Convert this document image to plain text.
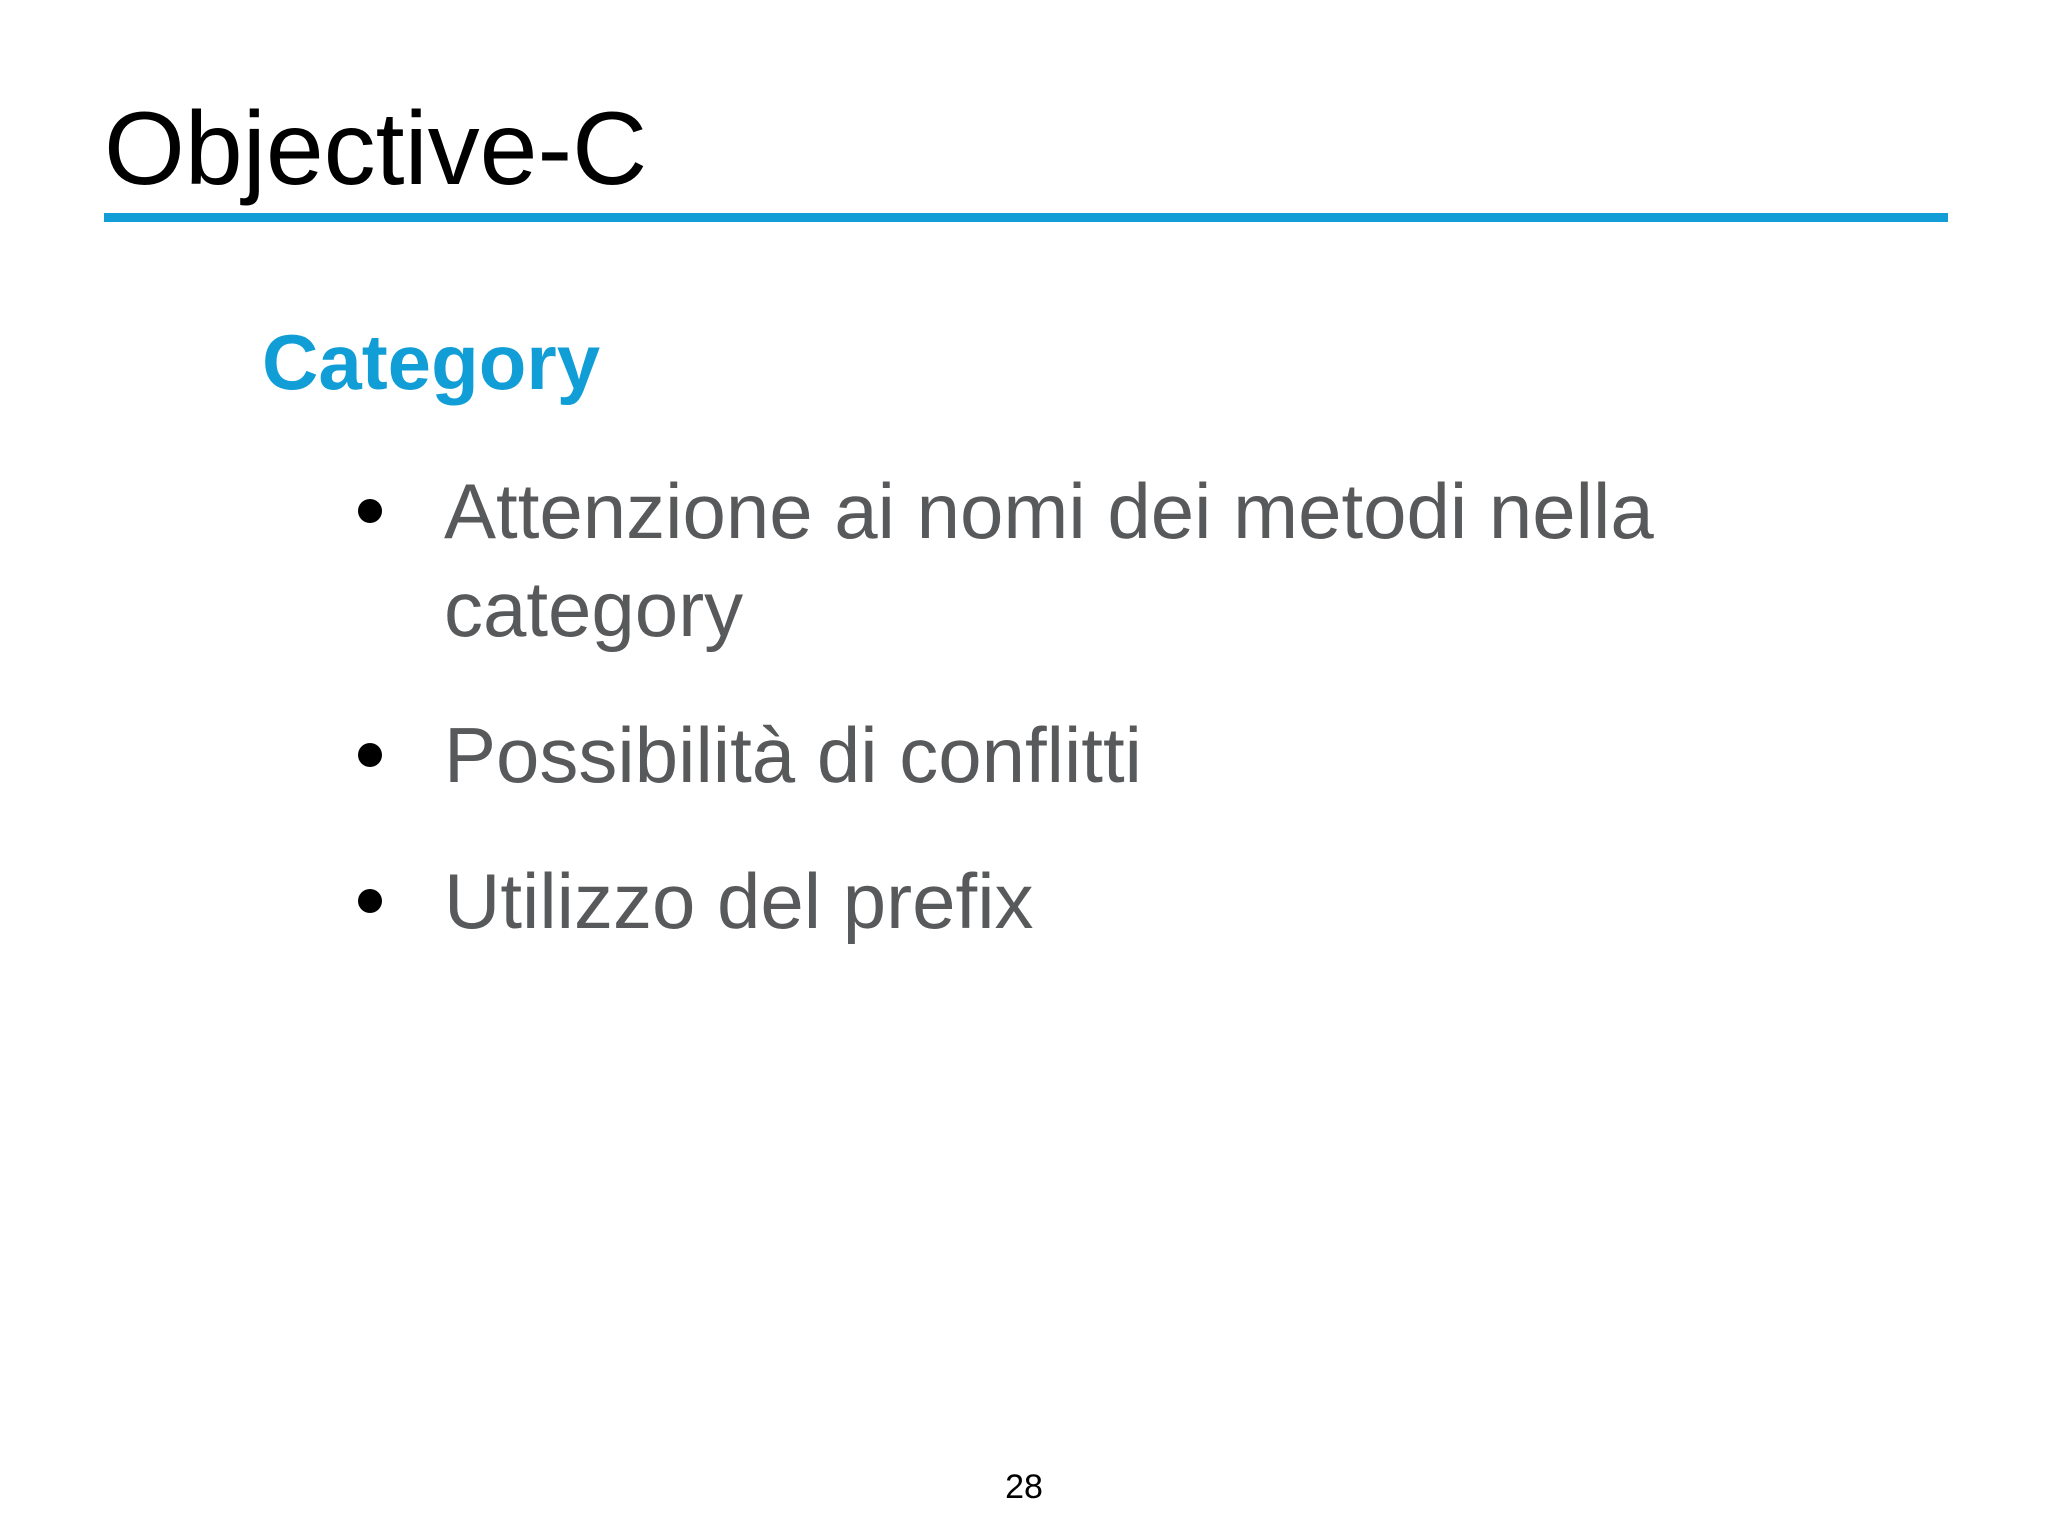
Objective-C
Category
Attenzione ai nomi dei metodi nella category
Possibilità di conflitti
Utilizzo del prefix
28
